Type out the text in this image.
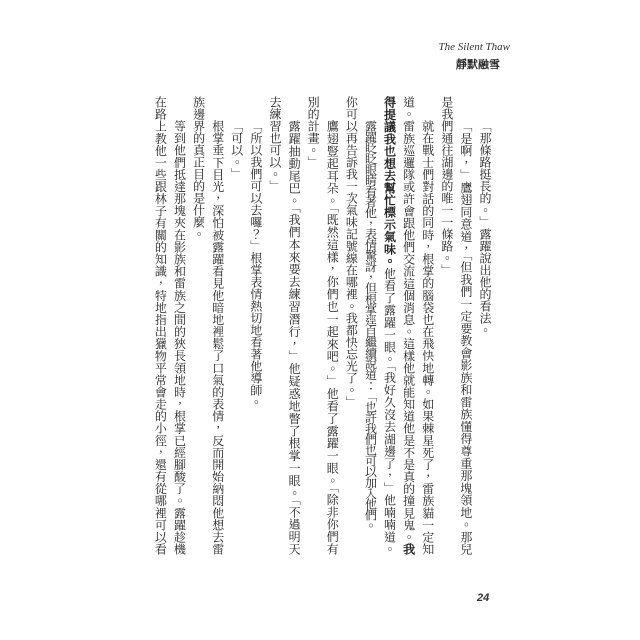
The Silent Thaw
靜默融雪
「那條路挺長的。」露躍說出他的看法。
「是啊，」鷹翅同意道，「但我們一定要教會影族和雷族懂得尊重那塊領地。那兒
是我們通往湖邊的唯一一條路。」
就在戰士們對話的同時，根掌的腦袋也在飛快地轉。如果棘星死了，雷族貓一定知
道。雷族巡邏隊或許會跟他們交流這個消息。這樣他就能知道他是不是真的撞見鬼。我
得提議我也想去幫忙標示氣味。他看了露躍一眼。「我好久沒去湖邊了，」他喃喃道。
露躍眨眨眼睛看著他，表情驚訝，但根掌逕自繼續說道：「也許我們也可以加入他們。
你可以再告訴我一次氣味記號線在哪裡。我都快忘光了。」
鷹翅豎起耳朵。「既然這樣，你們也一起來吧。」他看了露躍一眼。「除非你們有
別的計畫。」
露躍抽動尾巴。「我們本來要去練習潛行，」他疑惑地瞥了根掌一眼。「不過明天
去練習也可以。」
「所以我們可以去囉？」根掌表情熱切地看著他導師。
「可以。」
根掌垂下目光，深怕被露躍看見他暗地裡鬆了口氣的表情，反而開始納悶他想去雷
族邊界的真正目的是什麼。
等到他們抵達那塊夾在影族和雷族之間的狹長領地時，根掌已經腳酸了。露躍趁機
在路上教他一些跟林子有關的知識，特地指出獵物平常會走的小徑，還有從哪裡可以看
24
